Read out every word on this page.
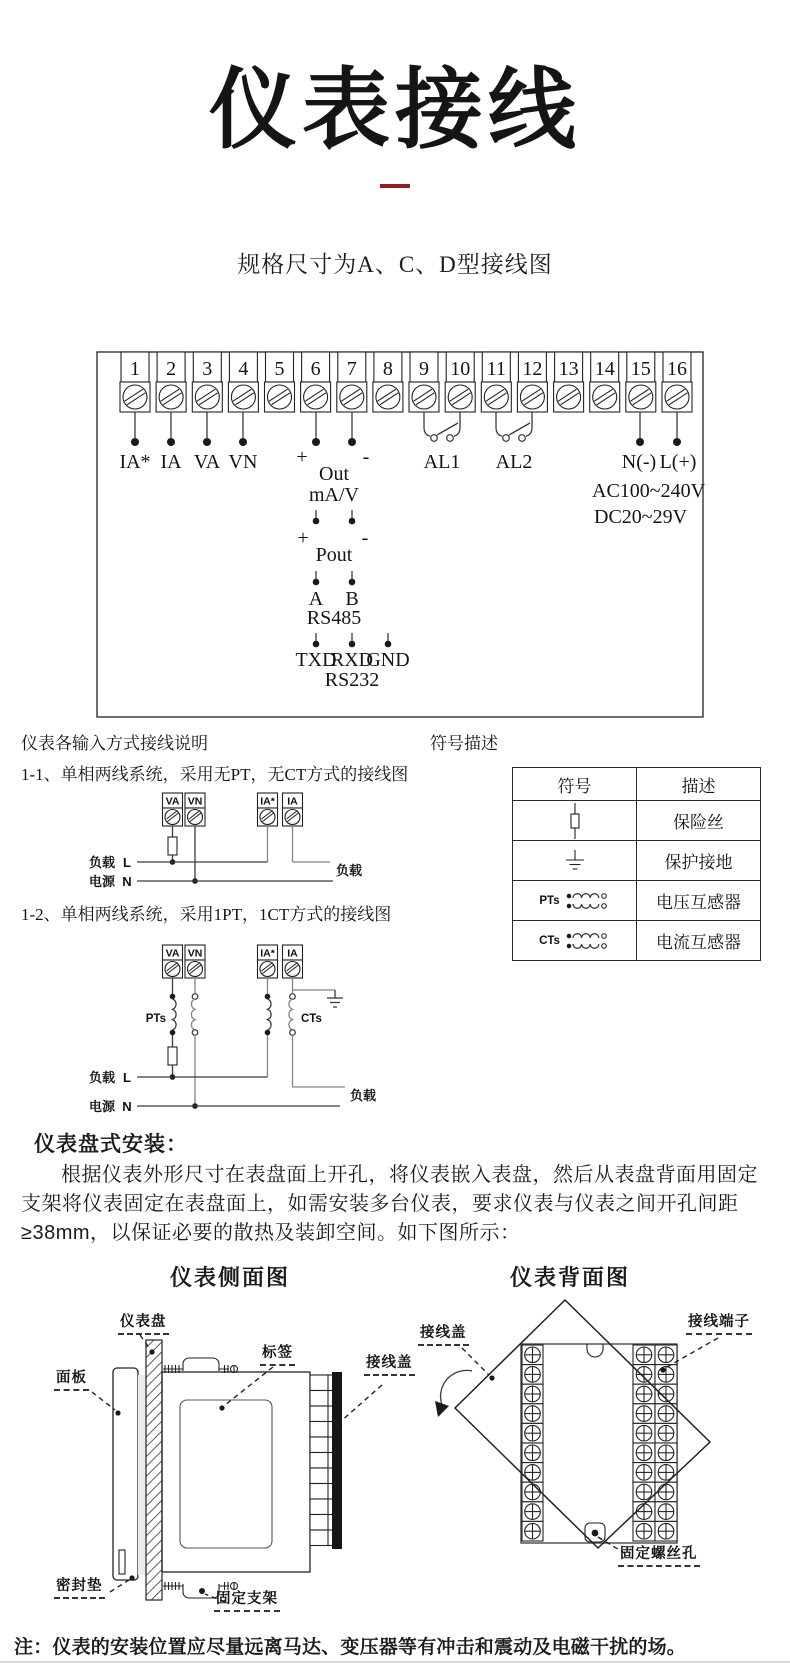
仪表接线
规格尺寸为A、C、D型接线图
1 2 3 4 5 6 7 8 9 10 11 12 13 14 15 16
IA* IA VA VN +	-
Out
mA/V
+	-
Pout
A B
RS485
TXD
RXD
GND
RS232
AL1 AL2	N(-) L(+)
AC100~240V
DC20~29V
仪表各输入方式接线说明	符号描述
1-1、单相两线系统，采用无PT，无CT方式的接线图
1-2、单相两线系统，采用1PT，1CT方式的接线图
VA VN	IA* IA
负载 L
电源 N
负载
VA VN	IA* IA
PTs	CTs
负载 L
电源 N
负载
符号	描述

	保险丝

	保护接地

PTs	电压互感器

CTs	电流互感器
仪表盘式安装：
根据仪表外形尺寸在表盘面上开孔，将仪表嵌入表盘，然后从表盘背面用固定支架将仪表固定在表盘面上，如需安装多台仪表，要求仪表与仪表之间开孔间距≥38mm，以保证必要的散热及装卸空间。如下图所示：
仪表侧面图	仪表背面图
仪表盘
面板
标签
接线盖
密封垫
固定支架
接线盖
接线端子
固定螺丝孔
注：仪表的安装位置应尽量远离马达、变压器等有冲击和震动及电磁干扰的场。
